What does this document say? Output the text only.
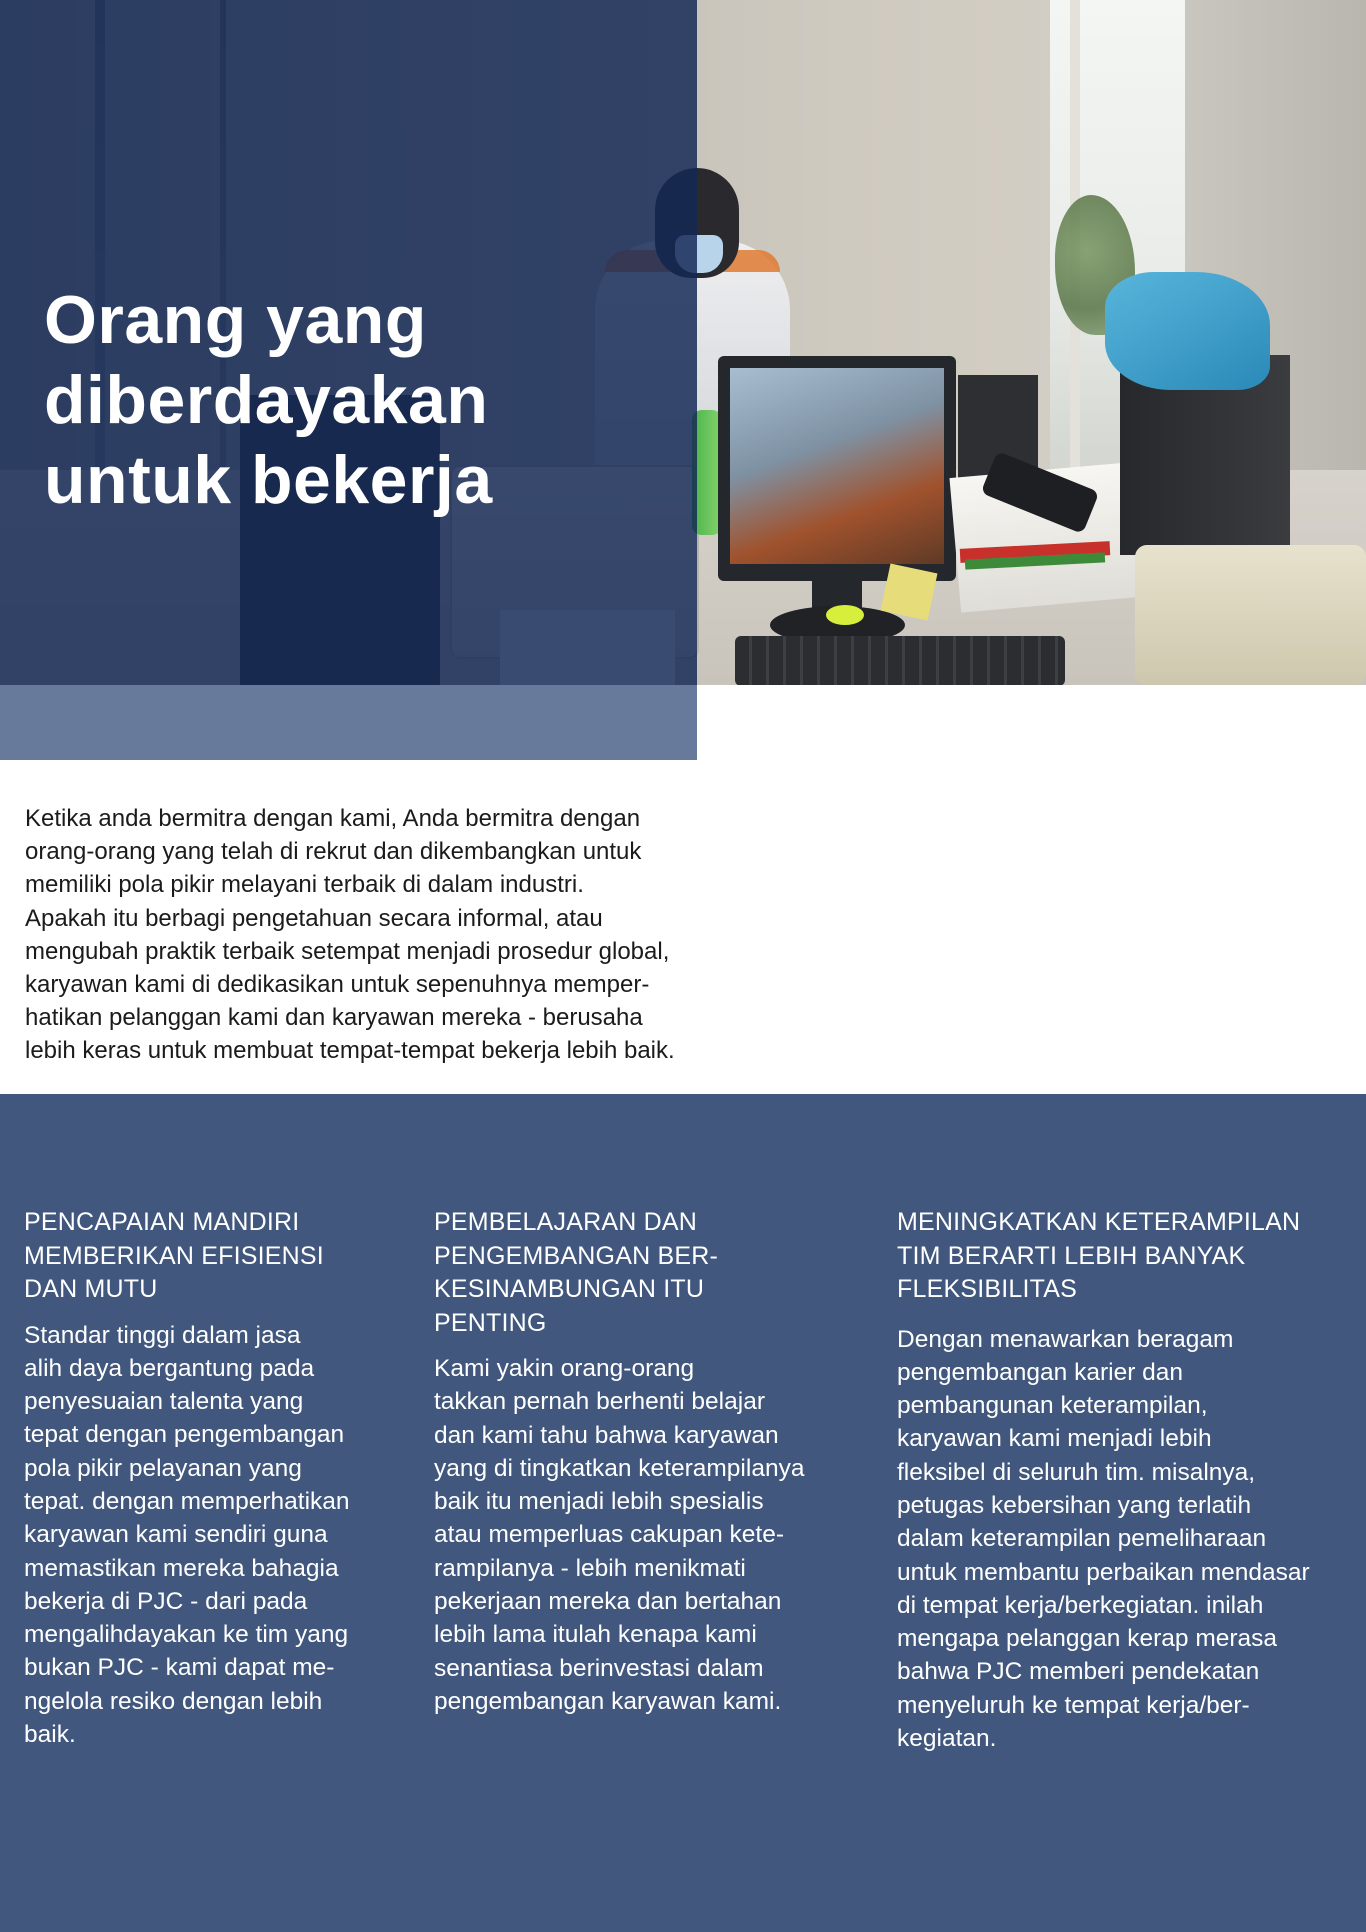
Orang yang
diberdayakan
untuk bekerja

Ketika anda bermitra dengan kami, Anda bermitra dengan
orang-orang yang telah di rekrut dan dikembangkan untuk
memiliki pola pikir melayani terbaik di dalam industri.
Apakah itu berbagi pengetahuan secara informal, atau
mengubah praktik terbaik setempat menjadi prosedur global,
karyawan kami di dedikasikan untuk sepenuhnya memper-
hatikan pelanggan kami dan karyawan mereka - berusaha
lebih keras untuk membuat tempat-tempat bekerja lebih baik.

PENCAPAIAN MANDIRI
MEMBERIKAN EFISIENSI
DAN MUTU

Standar tinggi dalam jasa
alih daya bergantung pada
penyesuaian talenta yang
tepat dengan pengembangan
pola pikir pelayanan yang
tepat. dengan memperhatikan
karyawan kami sendiri guna
memastikan mereka bahagia
bekerja di PJC - dari pada
mengalihdayakan ke tim yang
bukan PJC - kami dapat me-
ngelola resiko dengan lebih
baik.

PEMBELAJARAN DAN
PENGEMBANGAN BER-
KESINAMBUNGAN ITU
PENTING

Kami yakin orang-orang
takkan pernah berhenti belajar
dan kami tahu bahwa karyawan
yang di tingkatkan keterampilanya
baik itu menjadi lebih spesialis
atau memperluas cakupan kete-
rampilanya - lebih menikmati
pekerjaan mereka dan bertahan
lebih lama itulah kenapa kami
senantiasa berinvestasi dalam
pengembangan karyawan kami.

MENINGKATKAN KETERAMPILAN
TIM BERARTI LEBIH BANYAK
FLEKSIBILITAS

Dengan menawarkan beragam
pengembangan karier dan
pembangunan keterampilan,
karyawan kami menjadi lebih
fleksibel di seluruh tim. misalnya,
petugas kebersihan yang terlatih
dalam keterampilan pemeliharaan
untuk membantu perbaikan mendasar
di tempat kerja/berkegiatan. inilah
mengapa pelanggan kerap merasa
bahwa PJC memberi pendekatan
menyeluruh ke tempat kerja/ber-
kegiatan.
